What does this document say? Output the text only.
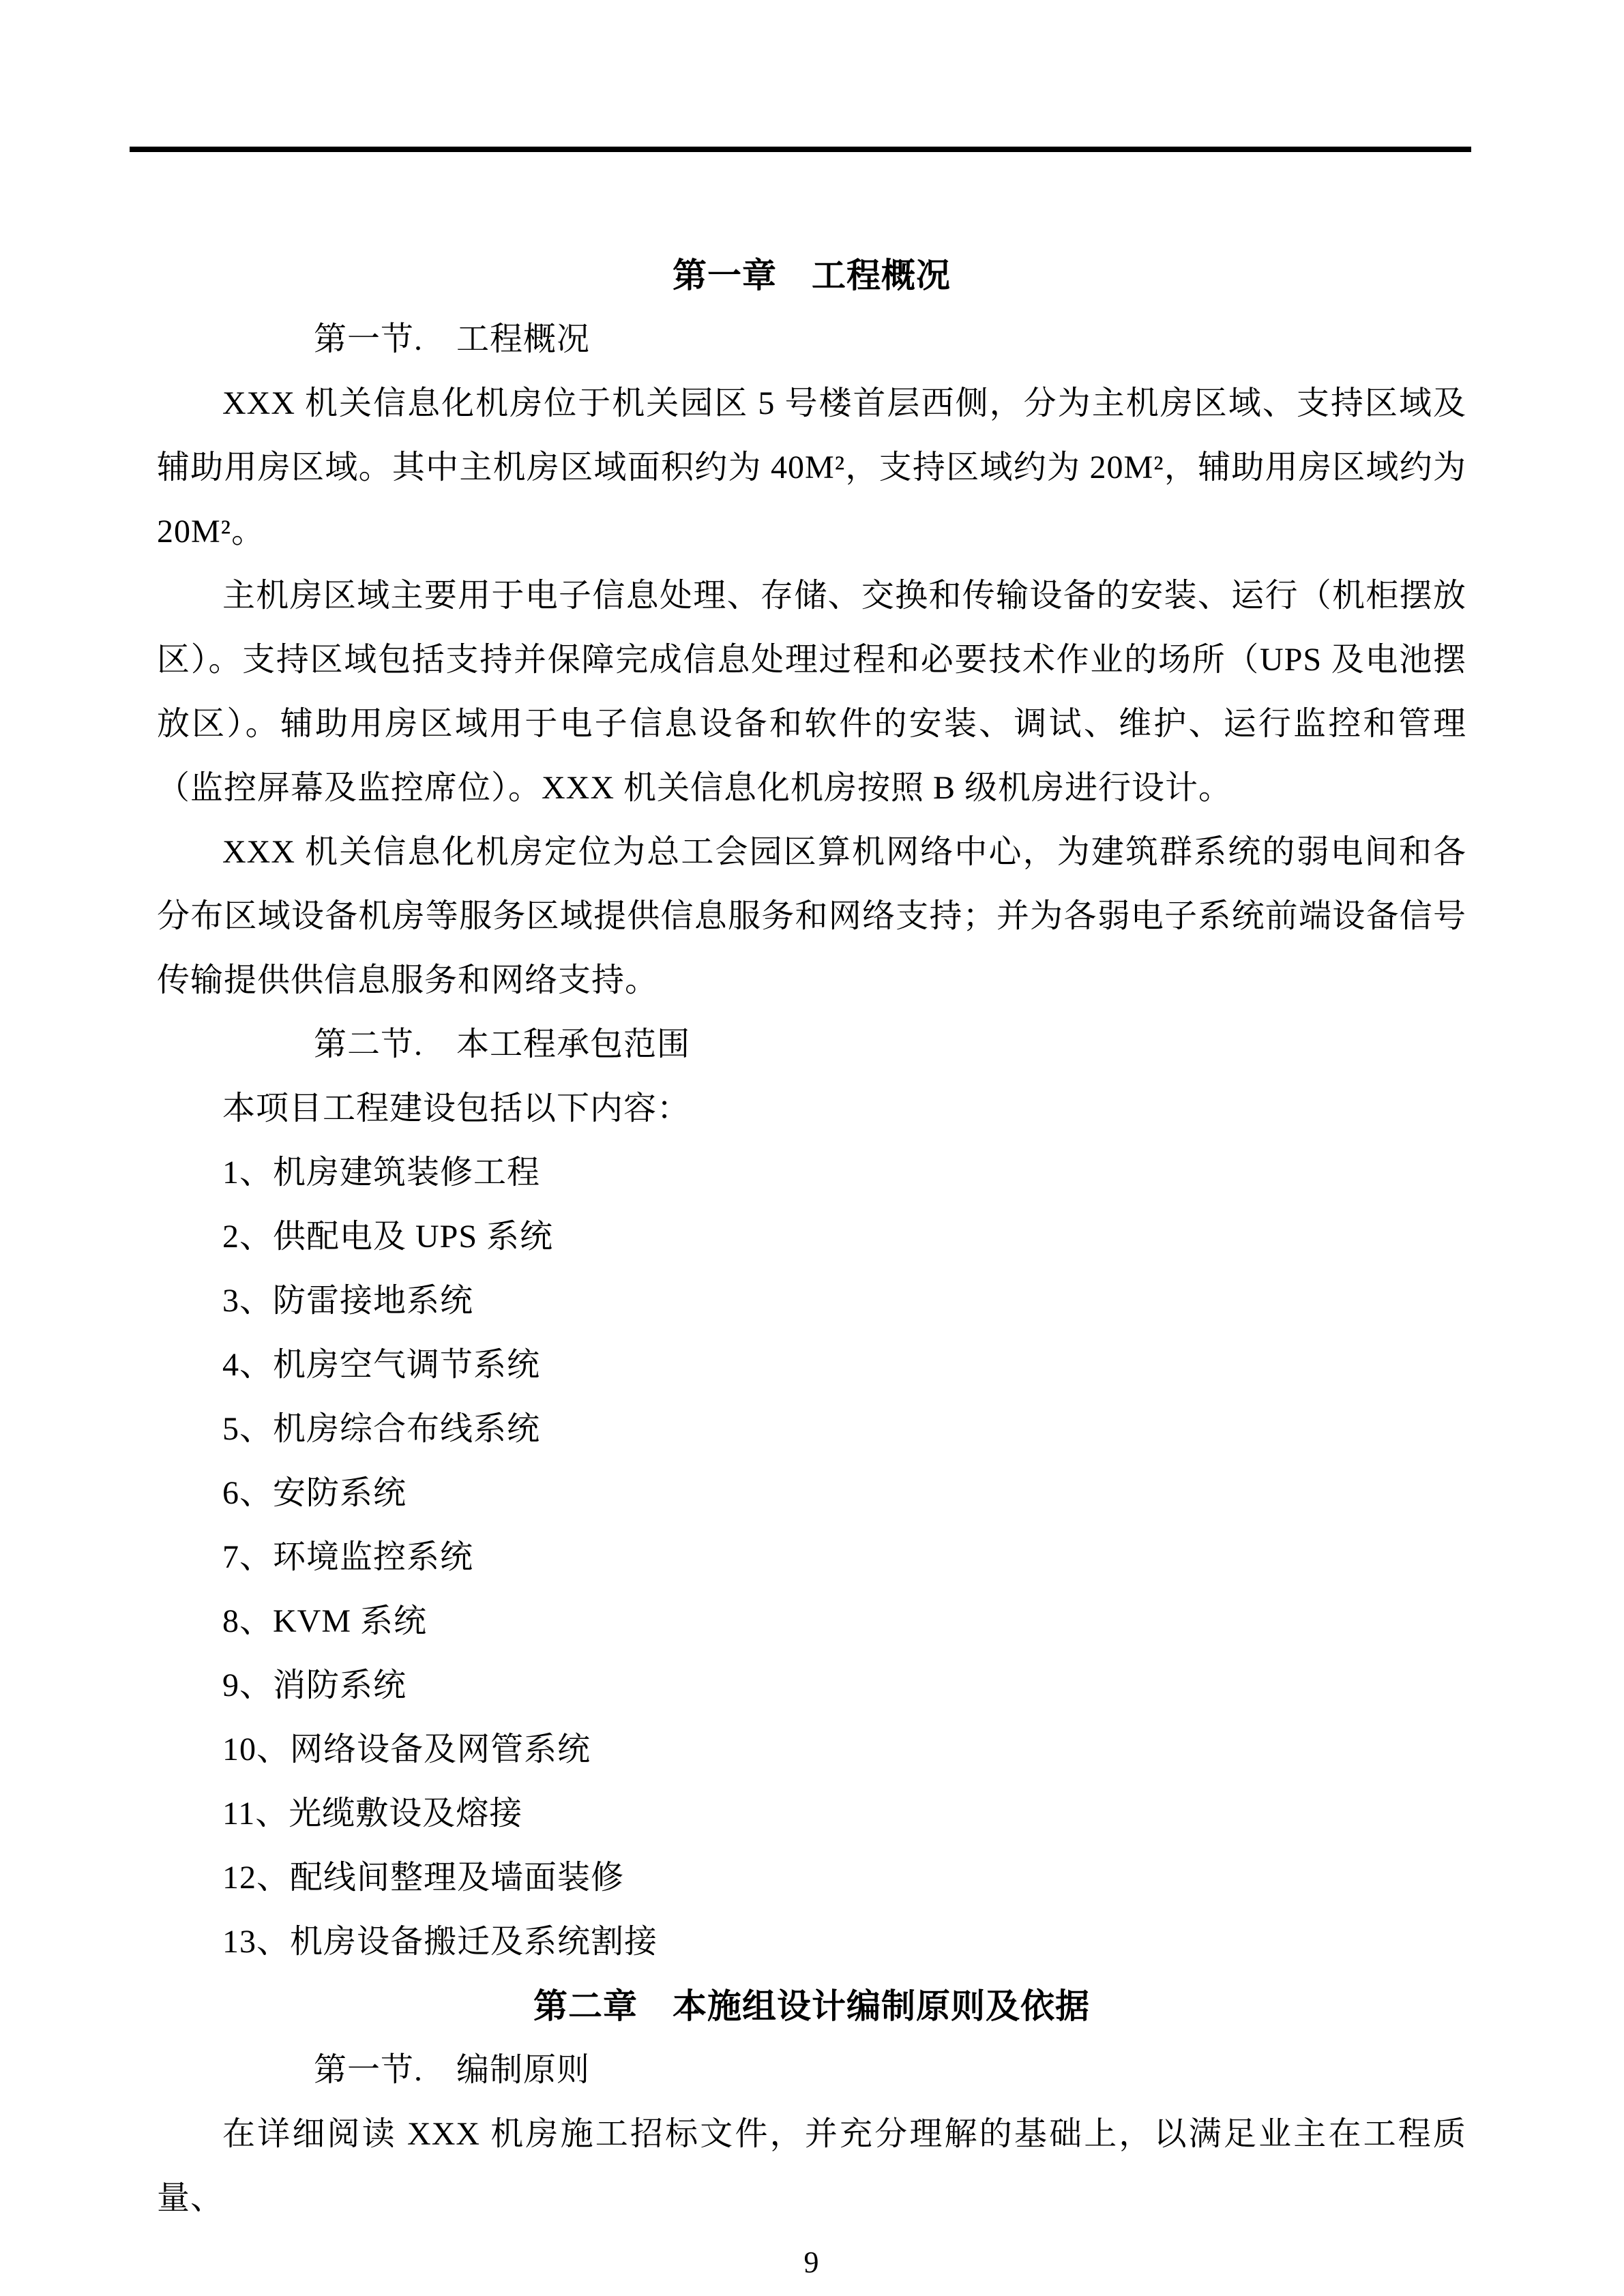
第一章　工程概况

第一节.　工程概况

XXX 机关信息化机房位于机关园区 5 号楼首层西侧，分为主机房区域、支持区域及辅助用房区域。其中主机房区域面积约为 40M²，支持区域约为 20M²，辅助用房区域约为 20M²。

主机房区域主要用于电子信息处理、存储、交换和传输设备的安装、运行（机柜摆放区）。支持区域包括支持并保障完成信息处理过程和必要技术作业的场所（UPS 及电池摆放区）。辅助用房区域用于电子信息设备和软件的安装、调试、维护、运行监控和管理（监控屏幕及监控席位）。XXX 机关信息化机房按照 B 级机房进行设计。

XXX 机关信息化机房定位为总工会园区算机网络中心，为建筑群系统的弱电间和各分布区域设备机房等服务区域提供信息服务和网络支持；并为各弱电子系统前端设备信号传输提供供信息服务和网络支持。

第二节.　本工程承包范围

本项目工程建设包括以下内容：

1、机房建筑装修工程
2、供配电及 UPS 系统
3、防雷接地系统
4、机房空气调节系统
5、机房综合布线系统
6、安防系统
7、环境监控系统
8、KVM 系统
9、消防系统
10、网络设备及网管系统
11、光缆敷设及熔接
12、配线间整理及墙面装修
13、机房设备搬迁及系统割接
第二章　本施组设计编制原则及依据

第一节.　编制原则

在详细阅读 XXX 机房施工招标文件，并充分理解的基础上，以满足业主在工程质量、

9
